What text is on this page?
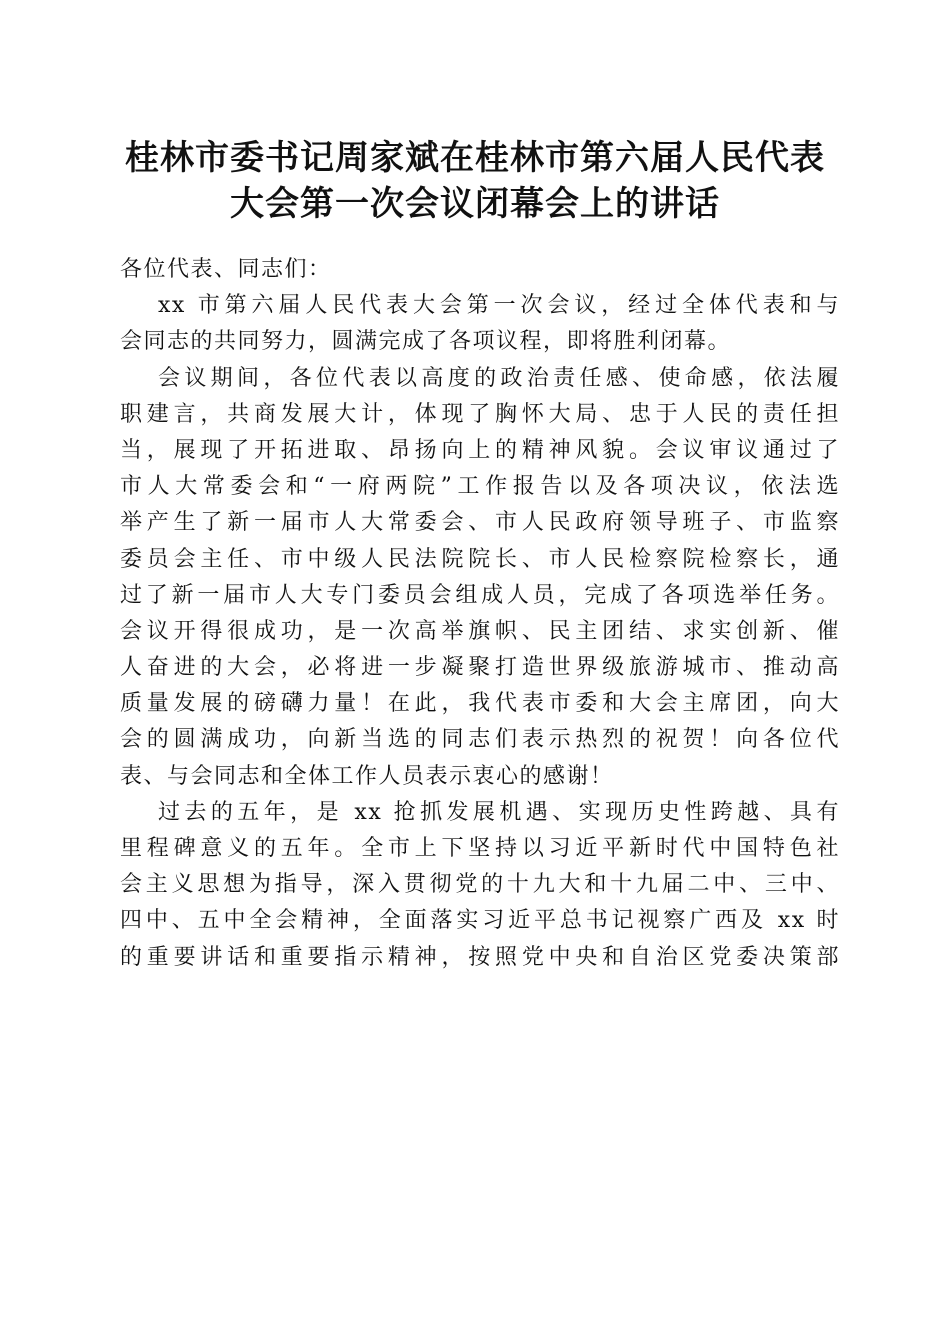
桂林市委书记周家斌在桂林市第六届人民代表
大会第一次会议闭幕会上的讲话
各位代表、同志们：
xx 市第六届人民代表大会第一次会议，经过全体代表和与
会同志的共同努力，圆满完成了各项议程，即将胜利闭幕。
会议期间，各位代表以高度的政治责任感、使命感，依法履
职建言，共商发展大计，体现了胸怀大局、忠于人民的责任担
当，展现了开拓进取、昂扬向上的精神风貌。会议审议通过了
市人大常委会和“一府两院”工作报告以及各项决议，依法选
举产生了新一届市人大常委会、市人民政府领导班子、市监察
委员会主任、市中级人民法院院长、市人民检察院检察长，通
过了新一届市人大专门委员会组成人员，完成了各项选举任务。
会议开得很成功，是一次高举旗帜、民主团结、求实创新、催
人奋进的大会，必将进一步凝聚打造世界级旅游城市、推动高
质量发展的磅礴力量！在此，我代表市委和大会主席团，向大
会的圆满成功，向新当选的同志们表示热烈的祝贺！向各位代
表、与会同志和全体工作人员表示衷心的感谢！
过去的五年，是 xx 抢抓发展机遇、实现历史性跨越、具有
里程碑意义的五年。全市上下坚持以习近平新时代中国特色社
会主义思想为指导，深入贯彻党的十九大和十九届二中、三中、
四中、五中全会精神，全面落实习近平总书记视察广西及 xx 时
的重要讲话和重要指示精神，按照党中央和自治区党委决策部
